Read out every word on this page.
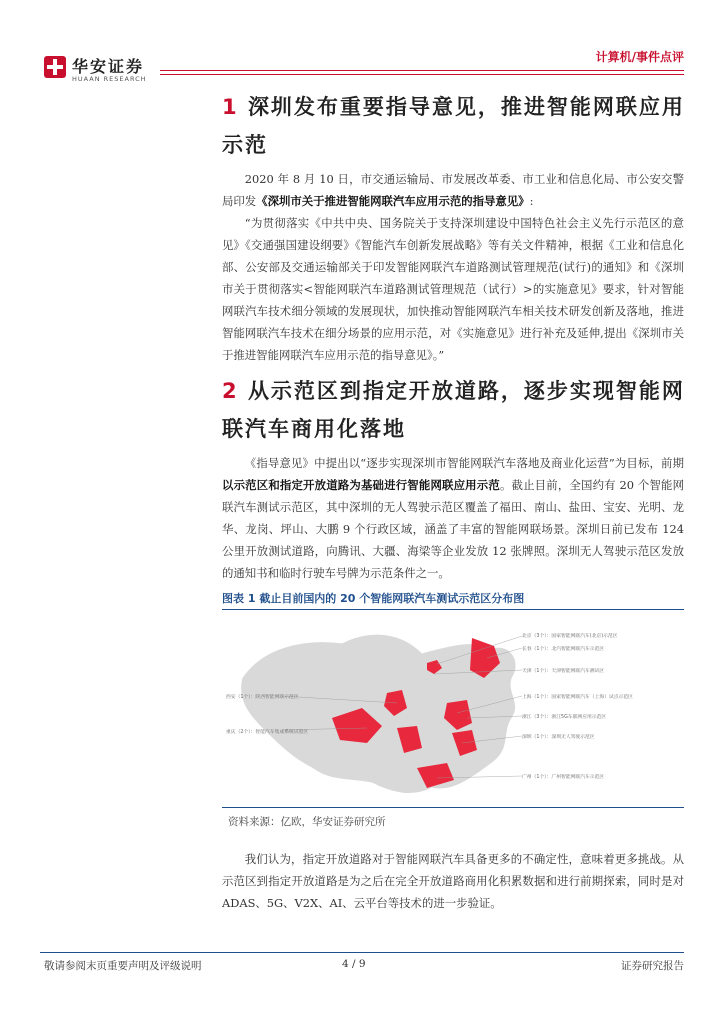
华安证券
HUAAN RESEARCH
计算机/事件点评
1 深圳发布重要指导意见，推进智能网联应用
示范

2020 年 8 月 10 日，市交通运输局、市发展改革委、市工业和信息化局、市公安交警局印发《深圳市关于推进智能网联汽车应用示范的指导意见》:

“为贯彻落实《中共中央、国务院关于支持深圳建设中国特色社会主义先行示范区的意见》《交通强国建设纲要》《智能汽车创新发展战略》等有关文件精神，根据《工业和信息化部、公安部及交通运输部关于印发智能网联汽车道路测试管理规范(试行)的通知》和《深圳市关于贯彻落实<智能网联汽车道路测试管理规范（试行）>的实施意见》要求，针对智能网联汽车技术细分领域的发展现状，加快推动智能网联汽车相关技术研发创新及落地，推进智能网联汽车技术在细分场景的应用示范，对《实施意见》进行补充及延伸,提出《深圳市关于推进智能网联汽车应用示范的指导意见》。”

2 从示范区到指定开放道路，逐步实现智能网
联汽车商用化落地

《指导意见》中提出以“逐步实现深圳市智能网联汽车落地及商业化运营”为目标，前期以示范区和指定开放道路为基础进行智能网联应用示范。截止目前，全国约有 20 个智能网联汽车测试示范区，其中深圳的无人驾驶示范区覆盖了福田、南山、盐田、宝安、光明、龙华、龙岗、坪山、大鹏 9 个行政区域，涵盖了丰富的智能网联场景。深圳日前已发布 124 公里开放测试道路，向腾讯、大疆、海梁等企业发放 12 张牌照。深圳无人驾驶示范区发放的通知书和临时行驶车号牌为示范条件之一。

图表 1 截止目前国内的 20 个智能网联汽车测试示范区分布图
北京（3个）：国家智能网联汽车(北京)示范区
长春（1个）：北汽智能网联汽车示范区
天津（1个）：天津智能网联汽车测试区
重庆（2个）：智能汽车集成系统试验区
上海（1个）：国家智能网联汽车（上海）试点示范区
浙江（3个）：浙江5G车联网应用示范区
西安（1个）：陕西智能网联示范区
深圳（1个）：深圳无人驾驶示范区
广州（1个）：广州智能网联汽车示范区
资料来源：亿欧，华安证券研究所

我们认为，指定开放道路对于智能网联汽车具备更多的不确定性，意味着更多挑战。从示范区到指定开放道路是为之后在完全开放道路商用化积累数据和进行前期探索，同时是对 ADAS、5G、V2X、AI、云平台等技术的进一步验证。

敬请参阅末页重要声明及评级说明	4 / 9	证券研究报告
